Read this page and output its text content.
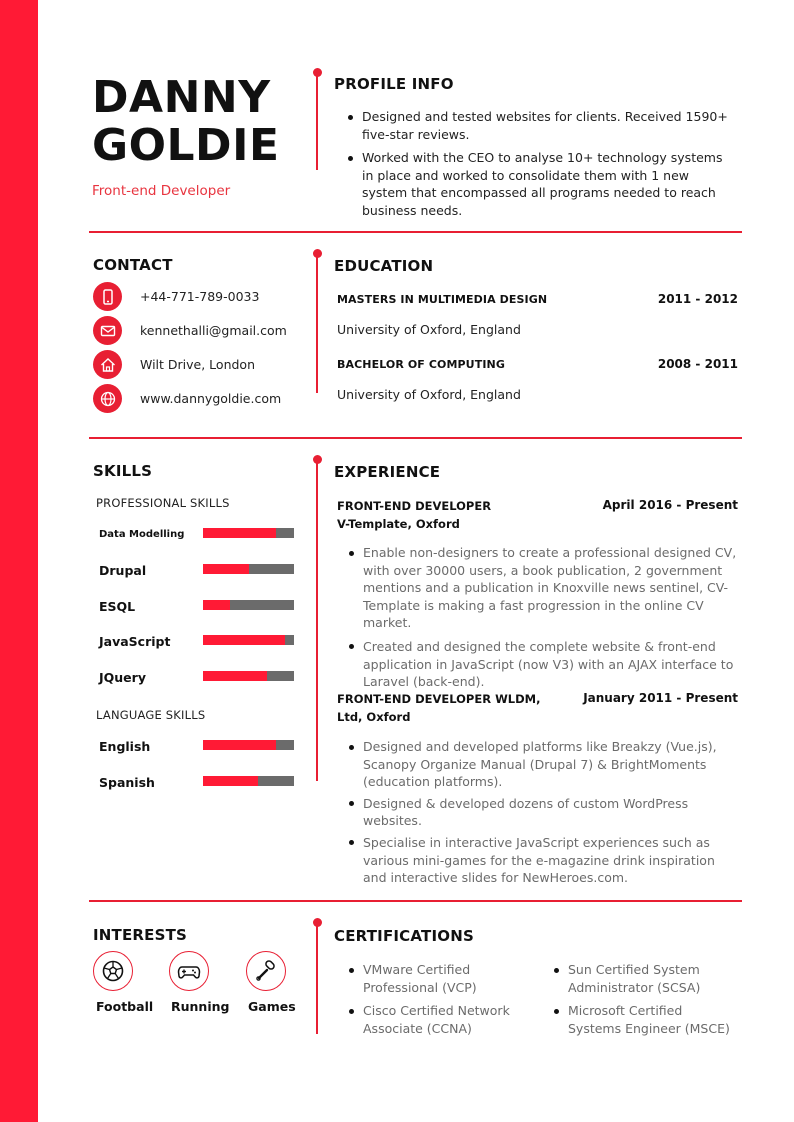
DANNY
GOLDIE
Front-end Developer
PROFILE INFO
Designed and tested websites for clients. Received 1590+ five-star reviews.
Worked with the CEO to analyse 10+ technology systems in place and worked to consolidate them with 1 new system that encompassed all programs needed to reach business needs.
CONTACT
+44-771-789-0033
kennethalli@gmail.com
Wilt Drive, London
www.dannygoldie.com
EDUCATION
MASTERS IN MULTIMEDIA DESIGN	2011 - 2012
University of Oxford, England
BACHELOR OF COMPUTING	2008 - 2011
University of Oxford, England
SKILLS
PROFESSIONAL SKILLS
Data Modelling
Drupal
ESQL
JavaScript
JQuery
LANGUAGE SKILLS
English
Spanish
EXPERIENCE
FRONT-END DEVELOPER
V-Template, Oxford
April 2016 - Present
Enable non-designers to create a professional designed CV, with over 30000 users, a book publication, 2 government mentions and a publication in Knoxville news sentinel, CV-Template is making a fast progression in the online CV market.
Created and designed the complete website & front-end application in JavaScript (now V3) with an AJAX interface to Laravel (back-end).
FRONT-END DEVELOPER WLDM,
Ltd, Oxford
January 2011 - Present
Designed and developed platforms like Breakzy (Vue.js), Scanopy Organize Manual (Drupal 7) & BrightMoments (education platforms).
Designed & developed dozens of custom WordPress websites.
Specialise in interactive JavaScript experiences such as various mini-games for the e-magazine drink inspiration and interactive slides for NewHeroes.com.
INTERESTS
Football Running Games
CERTIFICATIONS
VMware Certified Professional (VCP)
Sun Certified System Administrator (SCSA)
Cisco Certified Network Associate (CCNA)
Microsoft Certified Systems Engineer (MSCE)
